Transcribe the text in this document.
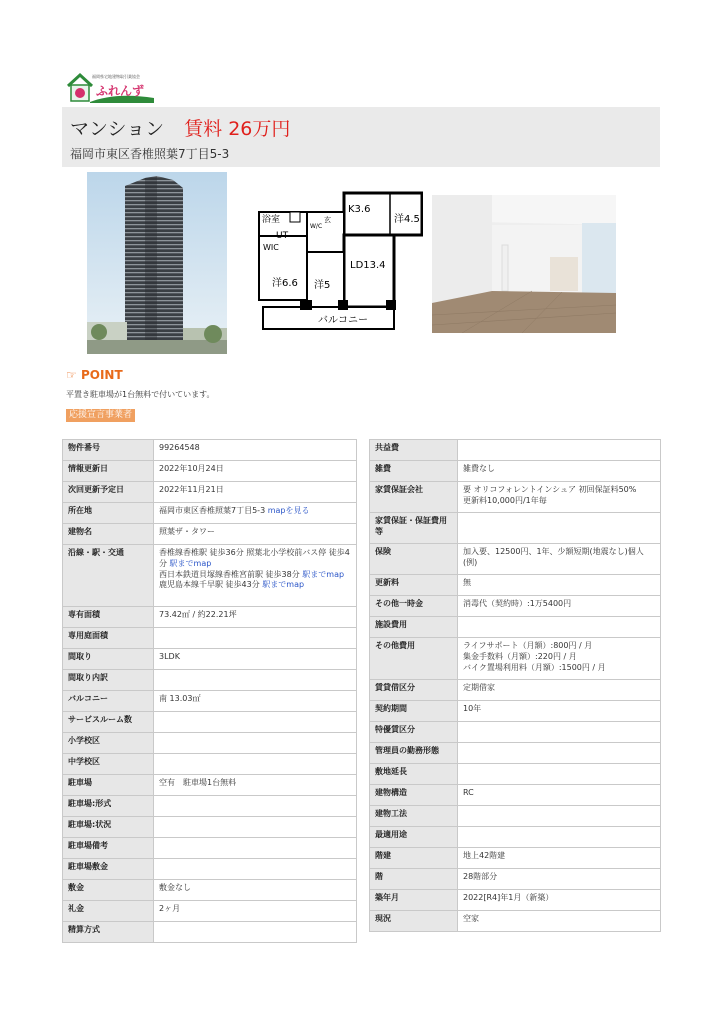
福岡県宅地建物取引業協会
ふれんず
マンション 賃料 26万円
福岡市東区香椎照葉7丁目5-3
浴室
UT
W/C
玄
WIC
K3.6
洋4.5
LD13.4
洋6.6 洋5
バルコニー
☞ POINT
平置き駐車場が1台無料で付いています。
応援宣言事業者
物件番号	99264548
情報更新日	2022年10月24日
次回更新予定日	2022年11月21日
所在地	福岡市東区香椎照葉7丁目5-3 mapを見る
建物名	照葉ザ・タワー
沿線・駅・交通	香椎線香椎駅 徒歩36分 照葉北小学校前バス停 徒歩4分 駅までmap
西日本鉄道貝塚線香椎宮前駅 徒歩38分 駅までmap
鹿児島本線千早駅 徒歩43分 駅までmap

専有面積	73.42㎡ / 約22.21坪
専用庭面積	
間取り	3LDK
間取り内訳	
バルコニー	南 13.03㎡
サービスルーム数	
小学校区	
中学校区	
駐車場	空有　駐車場1台無料
駐車場:形式	
駐車場:状況	
駐車場備考	
駐車場敷金	
敷金	敷金なし
礼金	2ヶ月
精算方式	
共益費	
雑費	雑費なし
家賃保証会社	要 オリコフォレントインシュア 初回保証料50%
更新料10,000円/1年毎

家賃保証・保証費用等	
保険	加入要、12500円、1年、少額短期(地震なし)個人(例)
更新料	無
その他一時金	消毒代（契約時）:1万5400円
施設費用	
その他費用	ライフサポート（月額）:800円 / 月
集金手数料（月額）:220円 / 月
バイク置場利用料（月額）:1500円 / 月

賃貸借区分	定期借家
契約期間	10年
特優賃区分	
管理員の勤務形態	
敷地延長	
建物構造	RC
建物工法	
最適用途	
階建	地上42階建
階	28階部分
築年月	2022[R4]年1月（新築）
現況	空家
